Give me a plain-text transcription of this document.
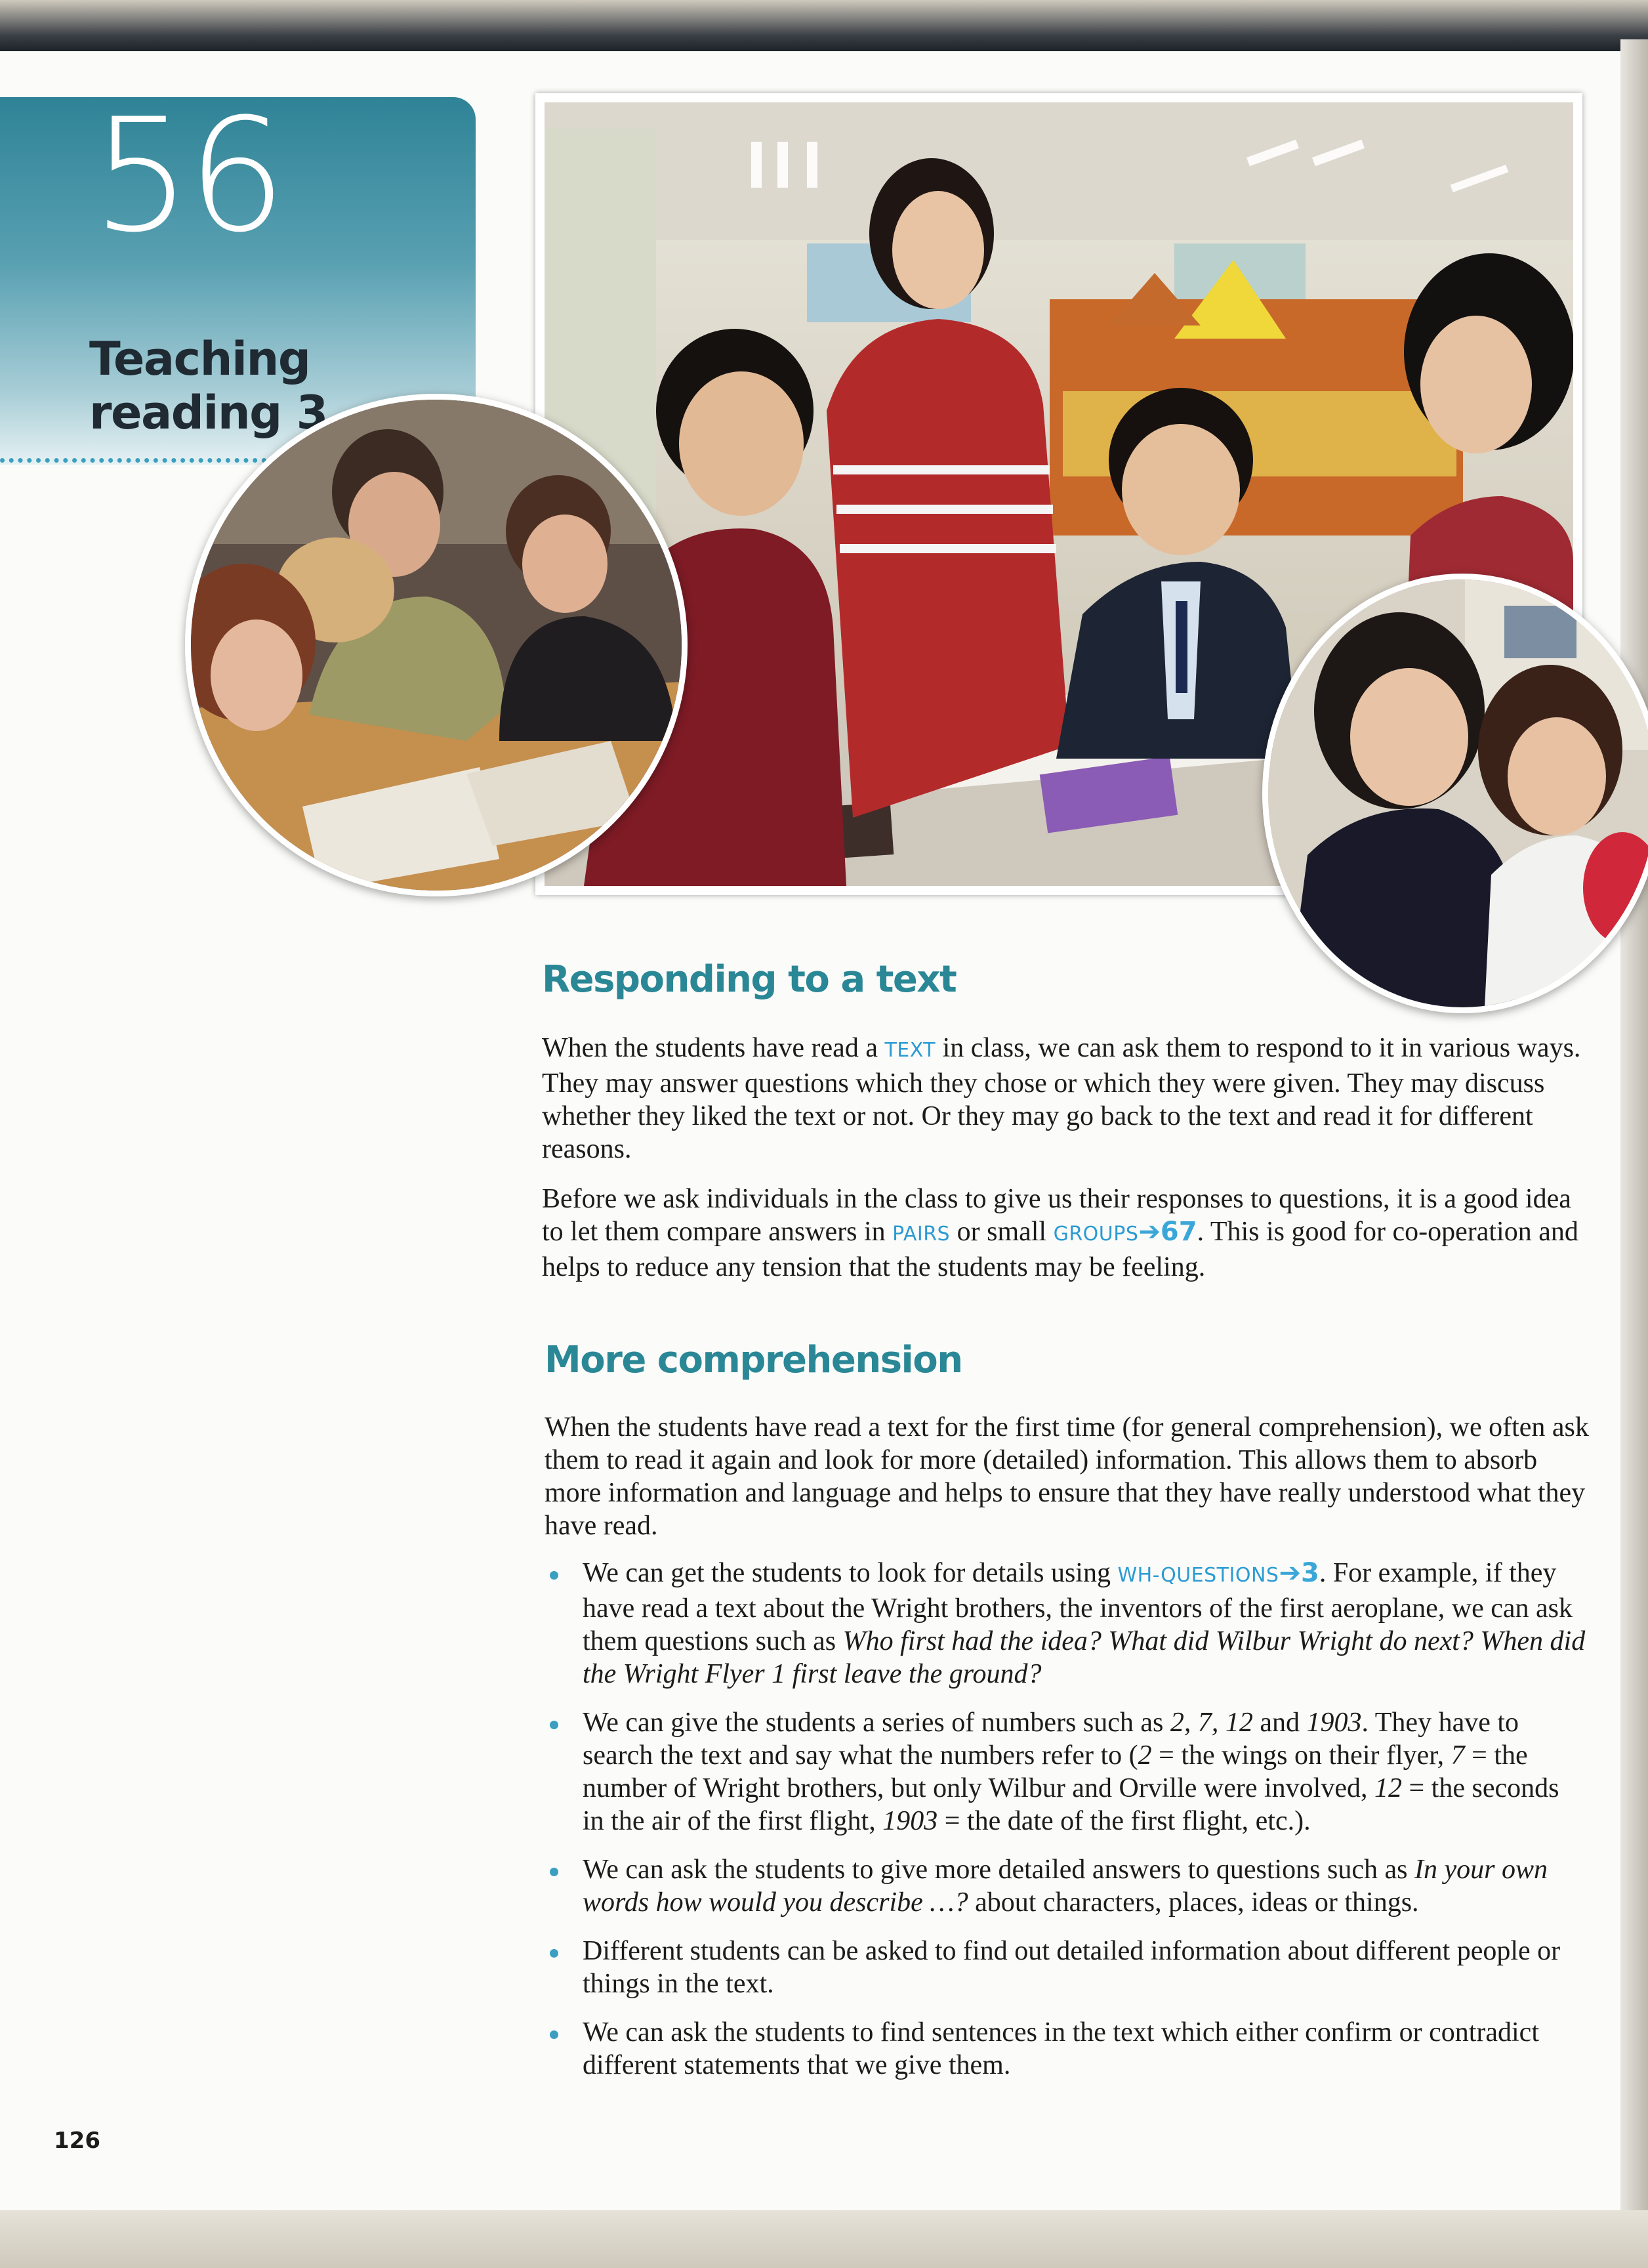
56
Teaching reading 3
Responding to a text

When the students have read a TEXT in class, we can ask them to respond to it in various ways. They may answer questions which they chose or which they were given. They may discuss whether they liked the text or not. Or they may go back to the text and read it for different reasons.

Before we ask individuals in the class to give us their responses to questions, it is a good idea to let them compare answers in PAIRS or small GROUPS➔67. This is good for co-operation and helps to reduce any tension that the students may be feeling.

More comprehension

When the students have read a text for the first time (for general comprehension), we often ask them to read it again and look for more (detailed) information. This allows them to absorb more information and language and helps to ensure that they have really understood what they have read.

We can get the students to look for details using WH-QUESTIONS➔3. For example, if they have read a text about the Wright brothers, the inventors of the first aeroplane, we can ask them questions such as Who first had the idea? What did Wilbur Wright do next? When did the Wright Flyer 1 first leave the ground?
We can give the students a series of numbers such as 2, 7, 12 and 1903. They have to search the text and say what the numbers refer to (2 = the wings on their flyer, 7 = the number of Wright brothers, but only Wilbur and Orville were involved, 12 = the seconds in the air of the first flight, 1903 = the date of the first flight, etc.).
We can ask the students to give more detailed answers to questions such as In your own words how would you describe …? about characters, places, ideas or things.
Different students can be asked to find out detailed information about different people or things in the text.
We can ask the students to find sentences in the text which either confirm or contradict different statements that we give them.
126
